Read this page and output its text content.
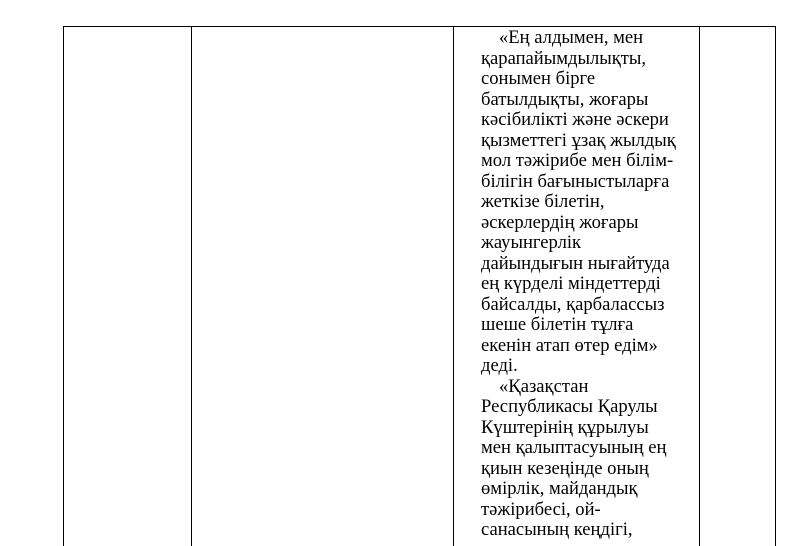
«Ең алдымен, мен
қарапайымдылықты,
сонымен бірге
батылдықты, жоғары
кәсібилікті және әскери
қызметтегі ұзақ жылдық
мол тәжірибе мен білім-
білігін бағыныстыларға
жеткізе білетін,
әскерлердің жоғары
жауынгерлік
дайындығын нығайтуда
ең күрделі міндеттерді
байсалды, қарбаласcыз
шеше білетін тұлға
екенін атап өтер едім»
деді.
«Қазақстан
Республикасы Қарулы
Күштерінің құрылуы
мен қалыптасуының ең
қиын кезеңінде оның
өмірлік, майдандық
тәжірибесі, ой-
санасының кеңдігі,
